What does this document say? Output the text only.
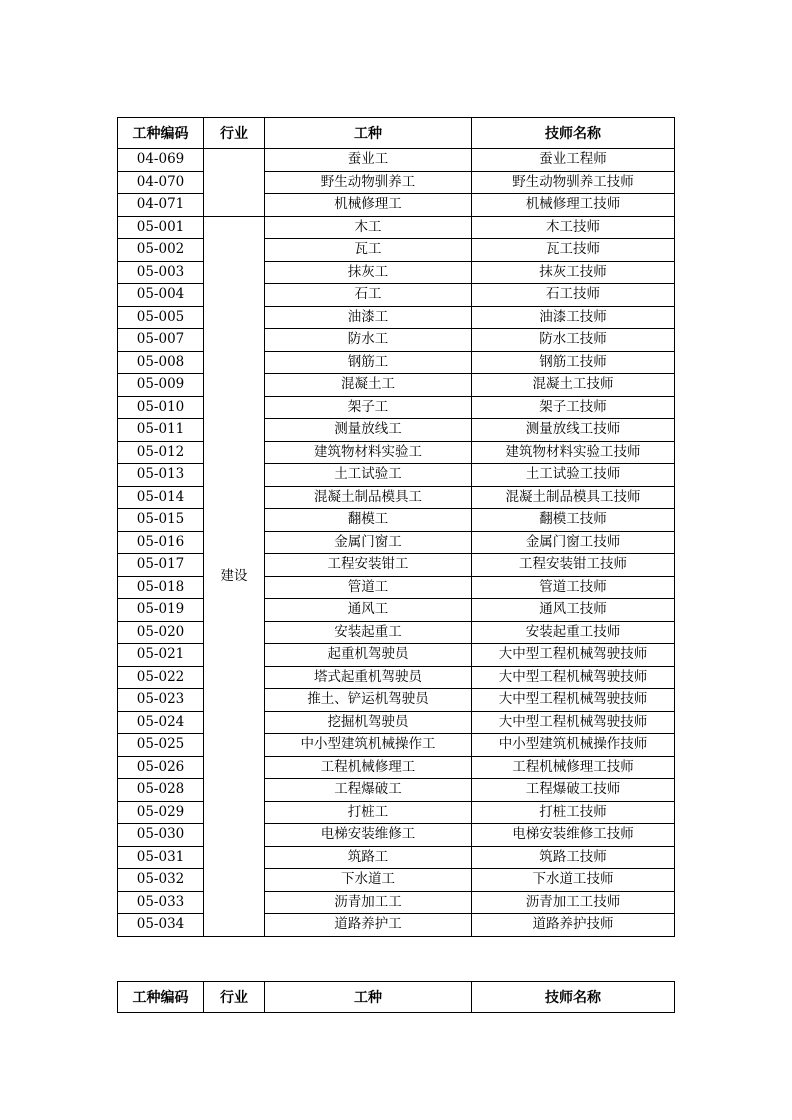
工种编码	行业	工种	技师名称
04-069		蚕业工	蚕业工程师
04-070		野生动物驯养工	野生动物驯养工技师
04-071		机械修理工	机械修理工技师
05-001	建设	木工	木工技师
05-002		瓦工	瓦工技师
05-003		抹灰工	抹灰工技师
05-004		石工	石工技师
05-005		油漆工	油漆工技师
05-007		防水工	防水工技师
05-008		钢筋工	钢筋工技师
05-009		混凝土工	混凝土工技师
05-010		架子工	架子工技师
05-011		测量放线工	测量放线工技师
05-012		建筑物材料实验工	建筑物材料实验工技师
05-013		土工试验工	土工试验工技师
05-014		混凝土制品模具工	混凝土制品模具工技师
05-015		翻模工	翻模工技师
05-016		金属门窗工	金属门窗工技师
05-017		工程安装钳工	工程安装钳工技师
05-018		管道工	管道工技师
05-019		通风工	通风工技师
05-020		安装起重工	安装起重工技师
05-021		起重机驾驶员	大中型工程机械驾驶技师
05-022		塔式起重机驾驶员	大中型工程机械驾驶技师
05-023		推土、铲运机驾驶员	大中型工程机械驾驶技师
05-024		挖掘机驾驶员	大中型工程机械驾驶技师
05-025		中小型建筑机械操作工	中小型建筑机械操作技师
05-026		工程机械修理工	工程机械修理工技师
05-028		工程爆破工	工程爆破工技师
05-029		打桩工	打桩工技师
05-030		电梯安装维修工	电梯安装维修工技师
05-031		筑路工	筑路工技师
05-032		下水道工	下水道工技师
05-033		沥青加工工	沥青加工工技师
05-034		道路养护工	道路养护技师
工种编码	行业	工种	技师名称
